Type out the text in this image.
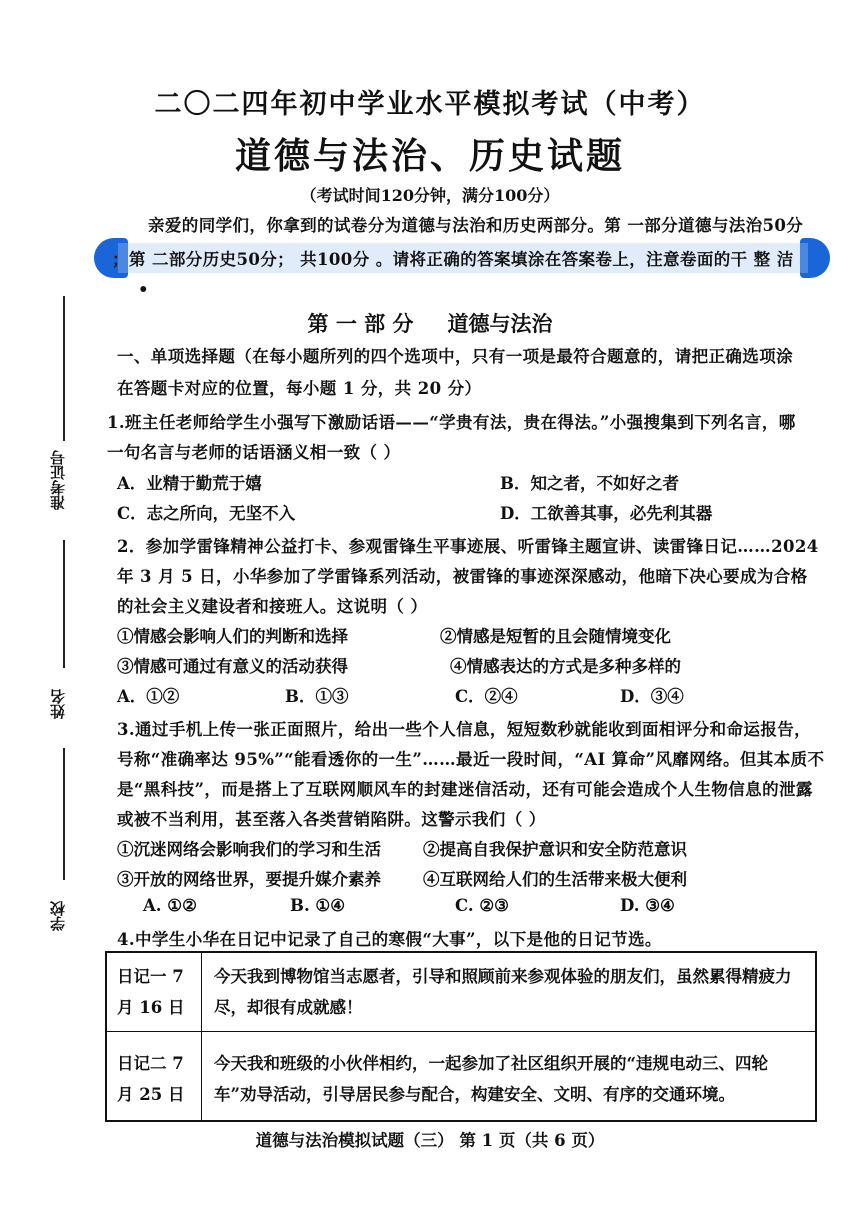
二〇二四年初中学业水平模拟考试（中考）
道德与法治、历史试题
（考试时间120分钟，满分100分）
亲爱的同学们，你拿到的试卷分为道德与法治和历史两部分。第 一部分道德与法治50分
；第 二部分历史50分； 共100分 。请将正确的答案填涂在答案卷上，注意卷面的干 整 洁
•
准考证号
姓名
学校
第 一 部 分 道德与法治
一、单项选择题（在每小题所列的四个选项中，只有一项是最符合题意的，请把正确选项涂
在答题卡对应的位置，每小题 1 分，共 20 分）
1.班主任老师给学生小强写下激励话语——“学贵有法，贵在得法。”小强搜集到下列名言，哪
一句名言与老师的话语涵义相一致（ ）
A．业精于勤荒于嬉	B．知之者，不如好之者
C．志之所向，无坚不入	D．工欲善其事，必先利其器
2．参加学雷锋精神公益打卡、参观雷锋生平事迹展、听雷锋主题宣讲、读雷锋日记……2024
年 3 月 5 日，小华参加了学雷锋系列活动，被雷锋的事迹深深感动，他暗下决心要成为合格
的社会主义建设者和接班人。这说明（ ）
①情感会影响人们的判断和选择	②情感是短暂的且会随情境变化
③情感可通过有意义的活动获得	④情感表达的方式是多种多样的
A．①②	B．①③	C．②④	D．③④
3.通过手机上传一张正面照片，给出一些个人信息，短短数秒就能收到面相评分和命运报告，
号称“准确率达 95%”“能看透你的一生”……最近一段时间，“AI 算命”风靡网络。但其本质不
是“黑科技”，而是搭上了互联网顺风车的封建迷信活动，还有可能会造成个人生物信息的泄露
或被不当利用，甚至落入各类营销陷阱。这警示我们（ ）
①沉迷网络会影响我们的学习和生活	②提高自我保护意识和安全防范意识
③开放的网络世界，要提升媒介素养	④互联网给人们的生活带来极大便利
A. ①②	B. ①④	C. ②③	D. ③④
4.中学生小华在日记中记录了自己的寒假“大事”，以下是他的日记节选。
日记一 7 月 16 日	今天我到博物馆当志愿者，引导和照顾前来参观体验的朋友们，虽然累得精疲力尽，却很有成就感！
日记二 7 月 25 日	今天我和班级的小伙伴相约，一起参加了社区组织开展的“违规电动三、四轮车”劝导活动，引导居民参与配合，构建安全、文明、有序的交通环境。
道德与法治模拟试题（三） 第 1 页（共 6 页）
